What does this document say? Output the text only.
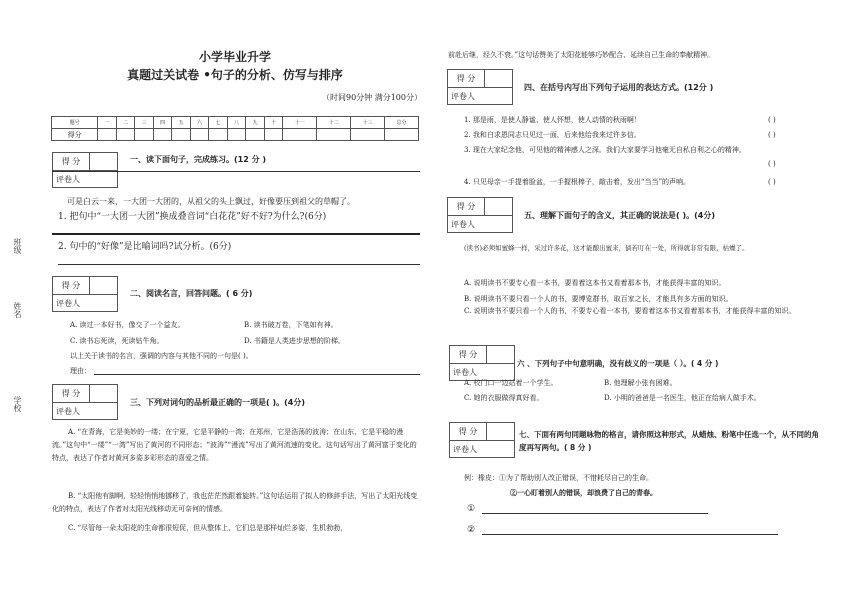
班级
姓名
学校
小学毕业升学
真题过关试卷 •句子的分析、仿写与排序
（时间90分钟 满分100分）
题号	一	二	三	四	五	六	七	八	九	十	十一	十二	十三	总分
得分														
得 分
评卷人
一、读下面句子，完成练习。(12 分 )
可是白云一来，一大团一大团的，从祖父的头上飘过，好像要压到祖父的草帽了。
1. 把句中“一大团一大团”换成叠音词“白花花”好不好?为什么?(6分)
2. 句中的“好像”是比喻词吗?试分析。(6分)
得 分
评卷人
二、阅读名言，回答问题。( 6 分)
A. 读过一本好书，像交了一个益友。	B. 读书破万卷，下笔如有神。
C. 读书忘死读，死读钻牛角。	D. 书籍是人类进步思想的阶梯。
以上关于读书的名言，强调的内容与其他不同的一句是( )。
理由：
得 分
评卷人
三、下列对词句的品析最正确的一项是( )。(4分)
A. “在青海，它是美妙的一缕；在宁夏，它是平静的一湾；在郑州，它是浩荡的波涛；在山东，它是平稳的漫流。”这句中“一缕”“一湾”写出了黄河的不同形态；“波涛”“漫流”写出了黄河流速的变化。这句话写出了黄河富于变化的特点，表达了作者对黄河多姿多彩形态的喜爱之情。
B. “太阳他有脚啊，轻轻悄悄地挪移了，我也茫茫然跟着旋转。”这句话运用了拟人的修辞手法，写出了太阳光线变化的特点，表达了作者对太阳光线移动无可奈何的情感。
C. “尽管每一朵太阳花的生命都很短促，但从整体上，它们总是那样灿烂多姿，生机勃勃，
前赴后继，经久不衰。”这句话赞美了太阳花能够巧妙配合、延续自己生命的奉献精神。
得 分
评卷人
四、在括号内写出下列句子运用的表达方式。(12分 )
1. 那是雨，是使人静谧、使人怀想，使人动情的秋雨啊！	( )
2. 我和白求恩同志只见过一面，后来他给我来过许多信。	( )
3. 现在大家纪念他，可见他的精神感人之深。我们大家要学习他毫无自私自利之心的精神。
( )
4. 只见母亲一手提着脸盆，一手握根棒子，敲击着，发出“当当”的声响。	( )
得 分
评卷人
五、理解下面句子的含义，其正确的说法是( )。(4分)
(读书)必须如蜜蜂一样，采过许多花，这才能酿出蜜来，倘若叮在一处，所得就非常有限，枯燥了。
A. 说明读书不要专心看一本书，要看着这本书又看着那本书，才能获得丰富的知识。
B. 说明读书不要只看一个人的书，要博览群书，取百家之长，才能具有多方面的知识。
C. 说明读书不要只看一个人的书，不要专心看一本书，要看着这本书又看着那本书，才能获得丰富的知识。
得 分
评卷人
六 、下列句子中句意明确，没有歧义的一项是（ ）。( 4 分 )
A. 校门口一边站着一个学生。	B. 他理解小张有困难。
C. 她的衣服做得真好看。	D. 小明的爸爸是一名医生，他正在给病人做手术。
得 分
评卷人
七、下面有两句同题咏物的格言，请你照这种形式，从蜡烛、粉笔中任选一个，从不同的角度再写两句。( 8 分 )
例：橡皮：①为了帮助别人改正错误，不惜耗尽自己的生命。
②一心盯着别人的错误，却浪费了自己的青春。
①
②
